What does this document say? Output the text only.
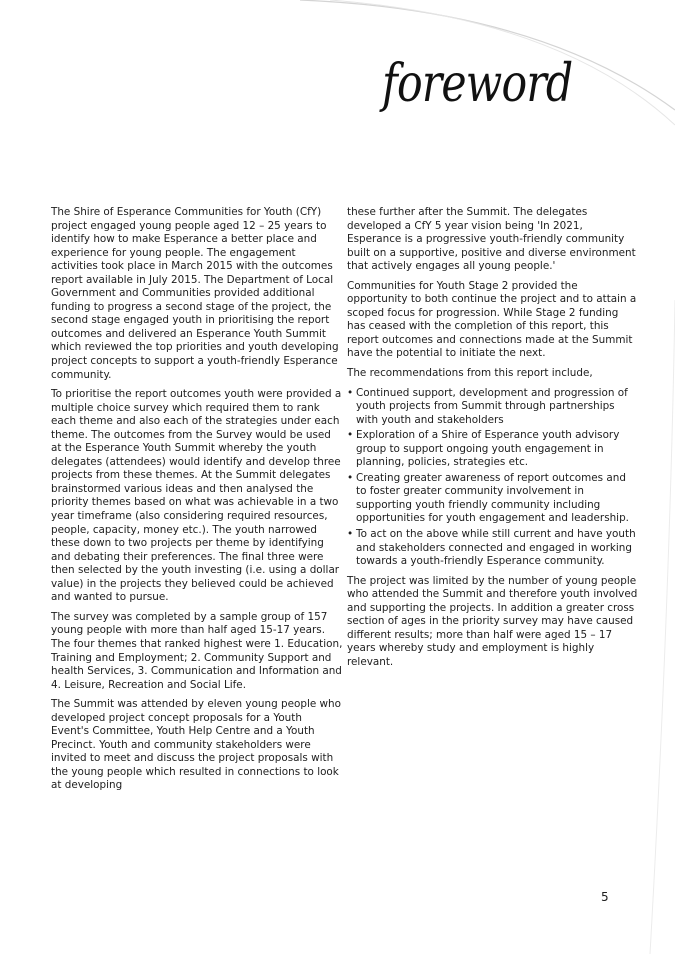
foreword

The Shire of Esperance Communities for Youth (CfY) project engaged young people aged 12 – 25 years to identify how to make Esperance a better place and experience for young people. The engagement activities took place in March 2015 with the outcomes report available in July 2015. The Department of Local Government and Communities provided additional funding to progress a second stage of the project, the second stage engaged youth in prioritising the report outcomes and delivered an Esperance Youth Summit which reviewed the top priorities and youth developing project concepts to support a youth-friendly Esperance community.

To prioritise the report outcomes youth were provided a multiple choice survey which required them to rank each theme and also each of the strategies under each theme. The outcomes from the Survey would be used at the Esperance Youth Summit whereby the youth delegates (attendees) would identify and develop three projects from these themes. At the Summit delegates brainstormed various ideas and then analysed the priority themes based on what was achievable in a two year timeframe (also considering required resources, people, capacity, money etc.). The youth narrowed these down to two projects per theme by identifying and debating their preferences. The final three were then selected by the youth investing (i.e. using a dollar value) in the projects they believed could be achieved and wanted to pursue.

The survey was completed by a sample group of 157 young people with more than half aged 15-17 years. The four themes that ranked highest were 1. Education, Training and Employment; 2. Community Support and health Services, 3. Communication and Information and 4. Leisure, Recreation and Social Life.

The Summit was attended by eleven young people who developed project concept proposals for a Youth Event's Committee, Youth Help Centre and a Youth Precinct. Youth and community stakeholders were invited to meet and discuss the project proposals with the young people which resulted in connections to look at developing

these further after the Summit. The delegates developed a CfY 5 year vision being 'In 2021, Esperance is a progressive youth-friendly community built on a supportive, positive and diverse environment that actively engages all young people.'

Communities for Youth Stage 2 provided the opportunity to both continue the project and to attain a scoped focus for progression. While Stage 2 funding has ceased with the completion of this report, this report outcomes and connections made at the Summit have the potential to initiate the next.

The recommendations from this report include,

• Continued support, development and progression of youth projects from Summit through partnerships with youth and stakeholders
• Exploration of a Shire of Esperance youth advisory group to support ongoing youth engagement in planning, policies, strategies etc.
• Creating greater awareness of report outcomes and to foster greater community involvement in supporting youth friendly community including opportunities for youth engagement and leadership.
• To act on the above while still current and have youth and stakeholders connected and engaged in working towards a youth-friendly Esperance community.

The project was limited by the number of young people who attended the Summit and therefore youth involved and supporting the projects. In addition a greater cross section of ages in the priority survey may have caused different results; more than half were aged 15 – 17 years whereby study and employment is highly relevant.

5
